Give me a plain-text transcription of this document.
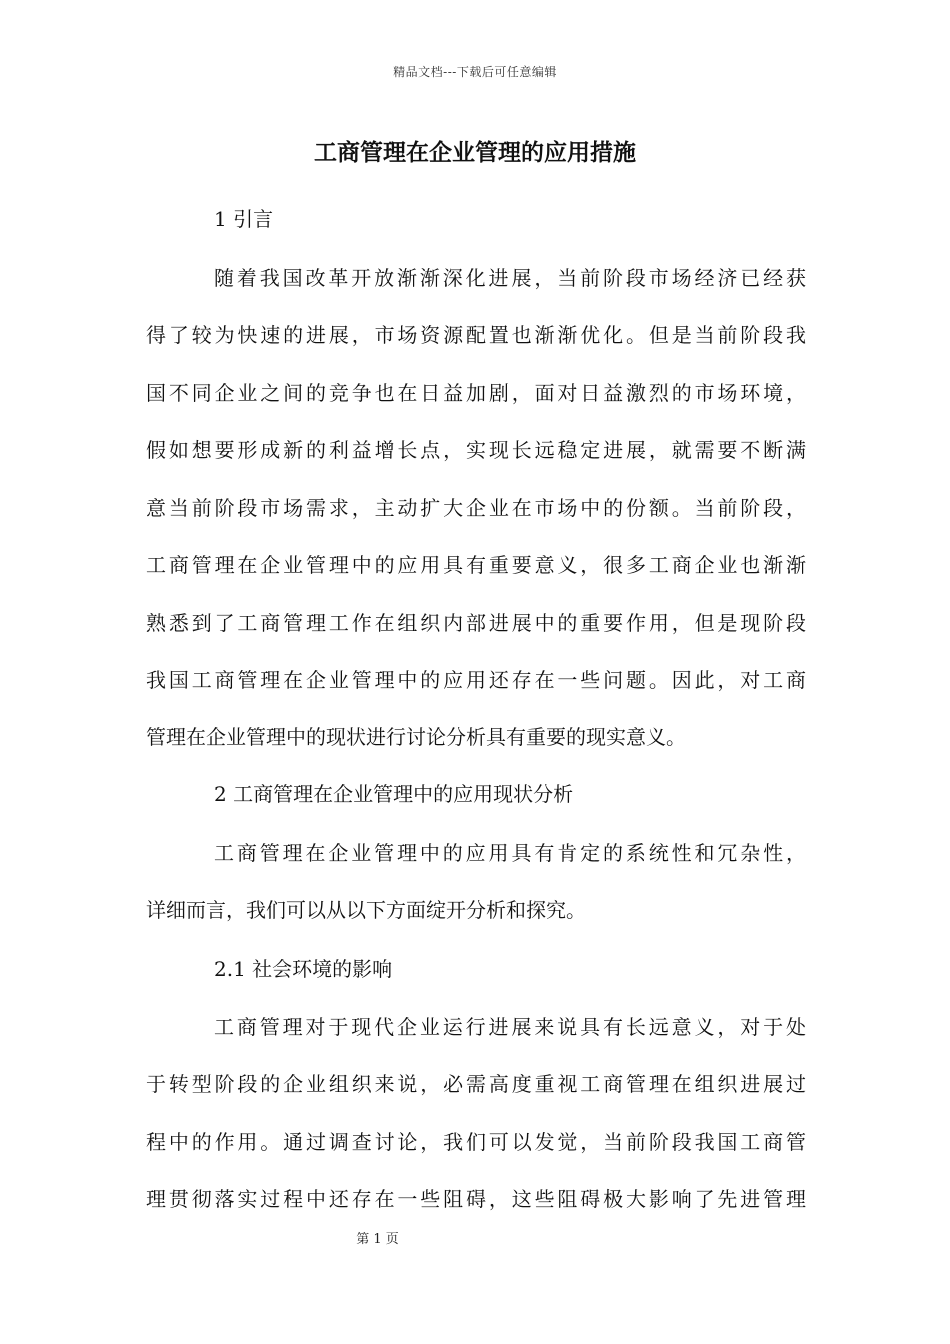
精品文档---下载后可任意编辑
工商管理在企业管理的应用措施
1 引言
随着我国改革开放渐渐深化进展，当前阶段市场经济已经获
得了较为快速的进展，市场资源配置也渐渐优化。但是当前阶段我
国不同企业之间的竞争也在日益加剧，面对日益激烈的市场环境，
假如想要形成新的利益增长点，实现长远稳定进展，就需要不断满
意当前阶段市场需求，主动扩大企业在市场中的份额。当前阶段，
工商管理在企业管理中的应用具有重要意义，很多工商企业也渐渐
熟悉到了工商管理工作在组织内部进展中的重要作用，但是现阶段
我国工商管理在企业管理中的应用还存在一些问题。因此，对工商
管理在企业管理中的现状进行讨论分析具有重要的现实意义。
2 工商管理在企业管理中的应用现状分析
工商管理在企业管理中的应用具有肯定的系统性和冗杂性，
详细而言，我们可以从以下方面绽开分析和探究。
2.1 社会环境的影响
工商管理对于现代企业运行进展来说具有长远意义，对于处
于转型阶段的企业组织来说，必需高度重视工商管理在组织进展过
程中的作用。通过调查讨论，我们可以发觉，当前阶段我国工商管
理贯彻落实过程中还存在一些阻碍，这些阻碍极大影响了先进管理
第 1 页
